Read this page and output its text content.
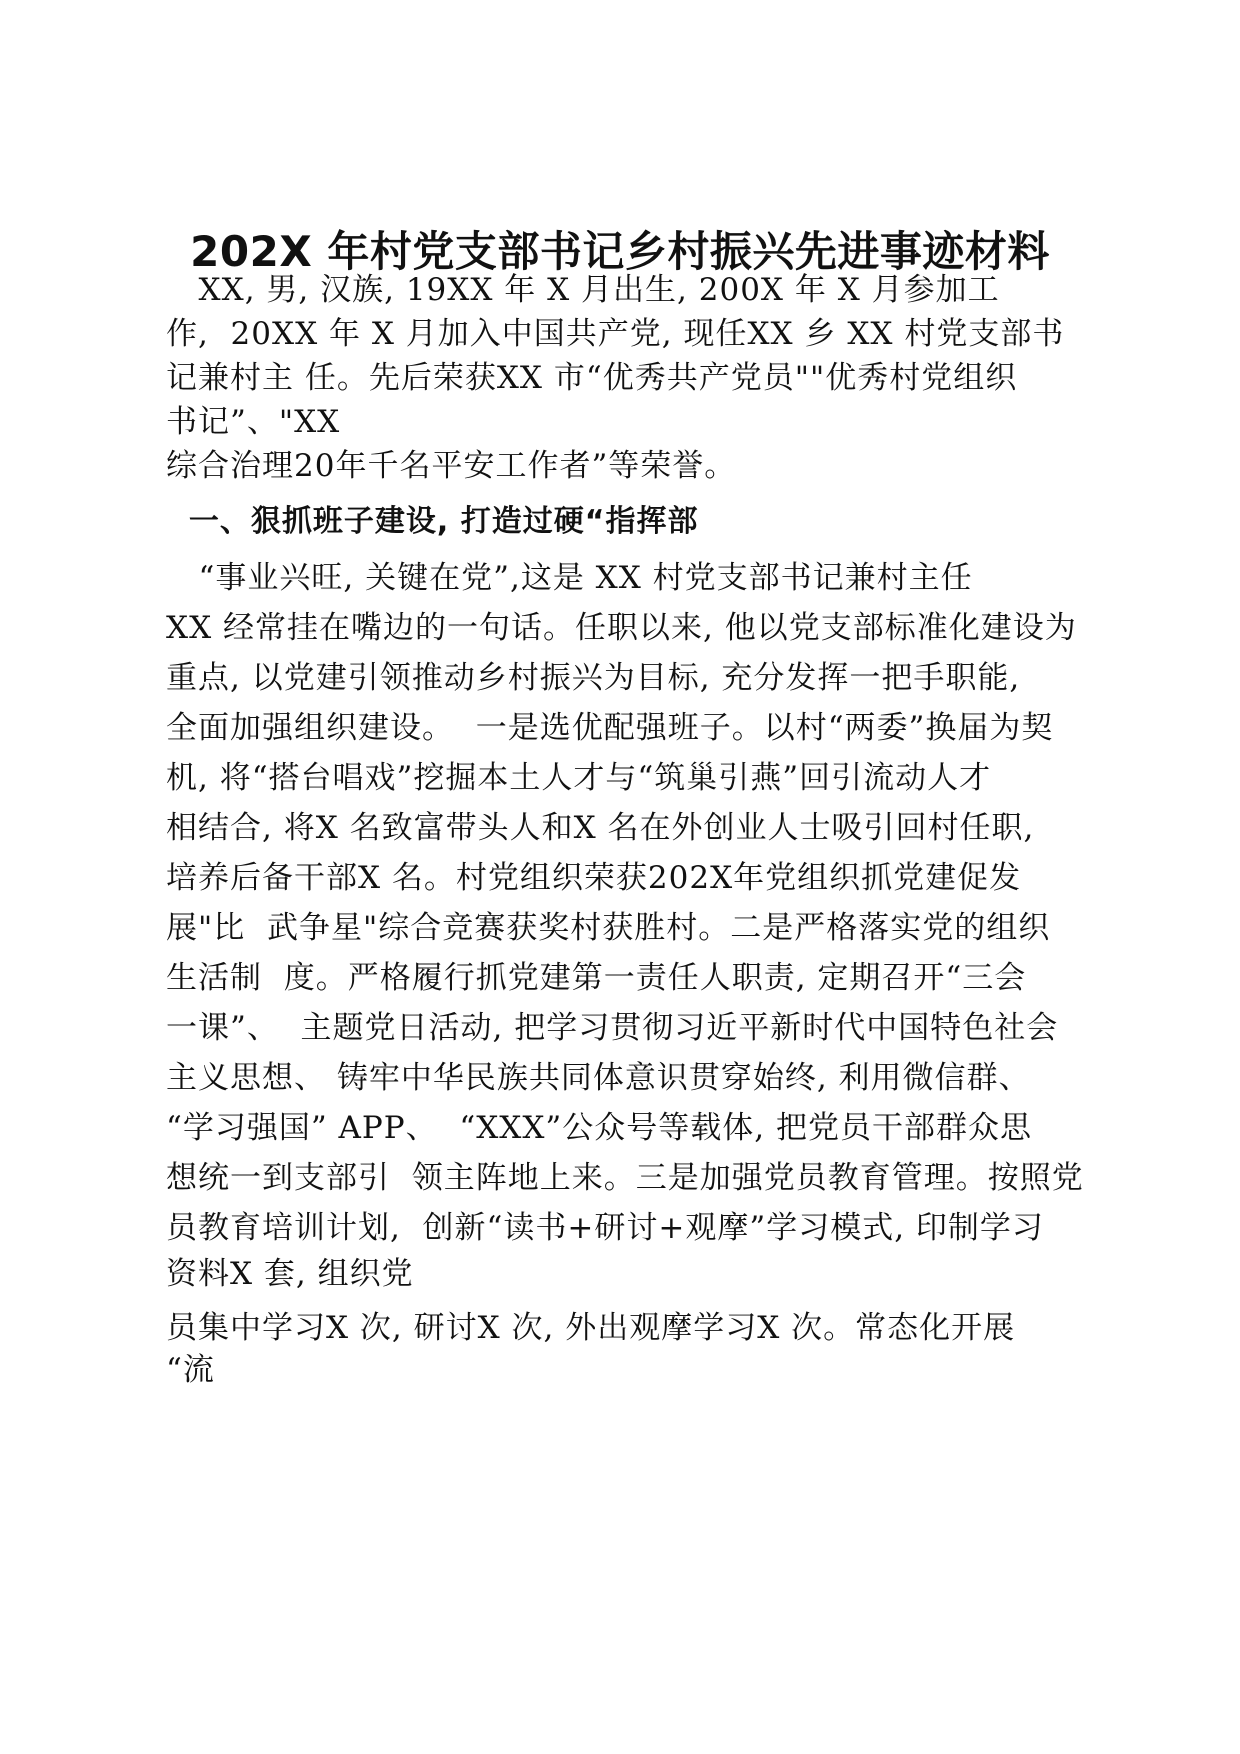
202X 年村党支部书记乡村振兴先进事迹材料
XX, 男, 汉族, 19XX 年 X 月出生, 200X 年 X 月参加工
作,  20XX 年 X 月加入中国共产党, 现任XX 乡 XX 村党支部书
记兼村主 任。先后荣获XX 市“优秀共产党员""优秀村党组织
书记”、"XX
综合治理20年千名平安工作者”等荣誉。
一、狠抓班子建设, 打造过硬“指挥部
“事业兴旺, 关键在党”,这是 XX 村党支部书记兼村主任
XX 经常挂在嘴边的一句话。任职以来, 他以党支部标准化建设为
重点, 以党建引领推动乡村振兴为目标, 充分发挥一把手职能,
全面加强组织建设。  一是选优配强班子。以村“两委”换届为契
机, 将“搭台唱戏”挖掘本土人才与“筑巢引燕”回引流动人才
相结合, 将X 名致富带头人和X 名在外创业人士吸引回村任职,
培养后备干部X 名。村党组织荣获202X年党组织抓党建促发
展"比  武争星"综合竞赛获奖村获胜村。二是严格落实党的组织
生活制  度。严格履行抓党建第一责任人职责, 定期召开“三会
一课”、  主题党日活动, 把学习贯彻习近平新时代中国特色社会
主义思想、 铸牢中华民族共同体意识贯穿始终, 利用微信群、
“学习强国” APP、  “XXX”公众号等载体, 把党员干部群众思
想统一到支部引  领主阵地上来。三是加强党员教育管理。按照党
员教育培训计划,  创新“读书+研讨+观摩”学习模式, 印制学习
资料X 套, 组织党
员集中学习X 次, 研讨X 次, 外出观摩学习X 次。常态化开展
“流
